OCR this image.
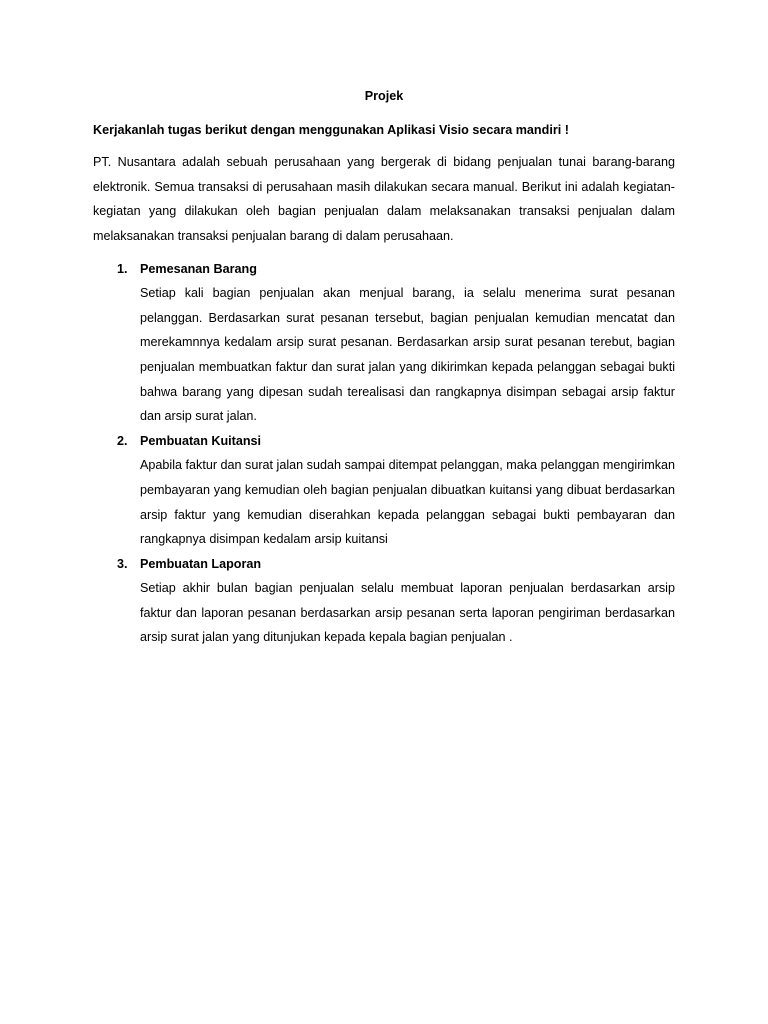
Projek

Kerjakanlah tugas berikut dengan menggunakan Aplikasi Visio secara mandiri !

PT. Nusantara adalah sebuah perusahaan yang bergerak di bidang penjualan tunai barang-barang elektronik. Semua transaksi di perusahaan masih dilakukan secara manual. Berikut ini adalah kegiatan-kegiatan yang dilakukan oleh bagian penjualan dalam melaksanakan transaksi penjualan dalam melaksanakan transaksi penjualan barang di dalam perusahaan.

1. Pemesanan Barang

Setiap kali bagian penjualan akan menjual barang, ia selalu menerima surat pesanan pelanggan. Berdasarkan surat pesanan tersebut, bagian penjualan kemudian mencatat dan merekamnnya kedalam arsip surat pesanan. Berdasarkan arsip surat pesanan terebut, bagian penjualan membuatkan faktur dan surat jalan yang dikirimkan kepada pelanggan sebagai bukti bahwa barang yang dipesan sudah terealisasi dan rangkapnya disimpan sebagai arsip faktur dan arsip surat jalan.

2. Pembuatan Kuitansi

Apabila faktur dan surat jalan sudah sampai ditempat pelanggan, maka pelanggan mengirimkan pembayaran yang kemudian oleh bagian penjualan dibuatkan kuitansi yang dibuat berdasarkan arsip faktur yang kemudian diserahkan kepada pelanggan sebagai bukti pembayaran dan rangkapnya disimpan kedalam arsip kuitansi

3. Pembuatan Laporan

Setiap akhir bulan bagian penjualan selalu membuat laporan penjualan berdasarkan arsip faktur dan laporan pesanan berdasarkan arsip pesanan serta laporan pengiriman berdasarkan arsip surat jalan yang ditunjukan kepada kepala bagian penjualan .
